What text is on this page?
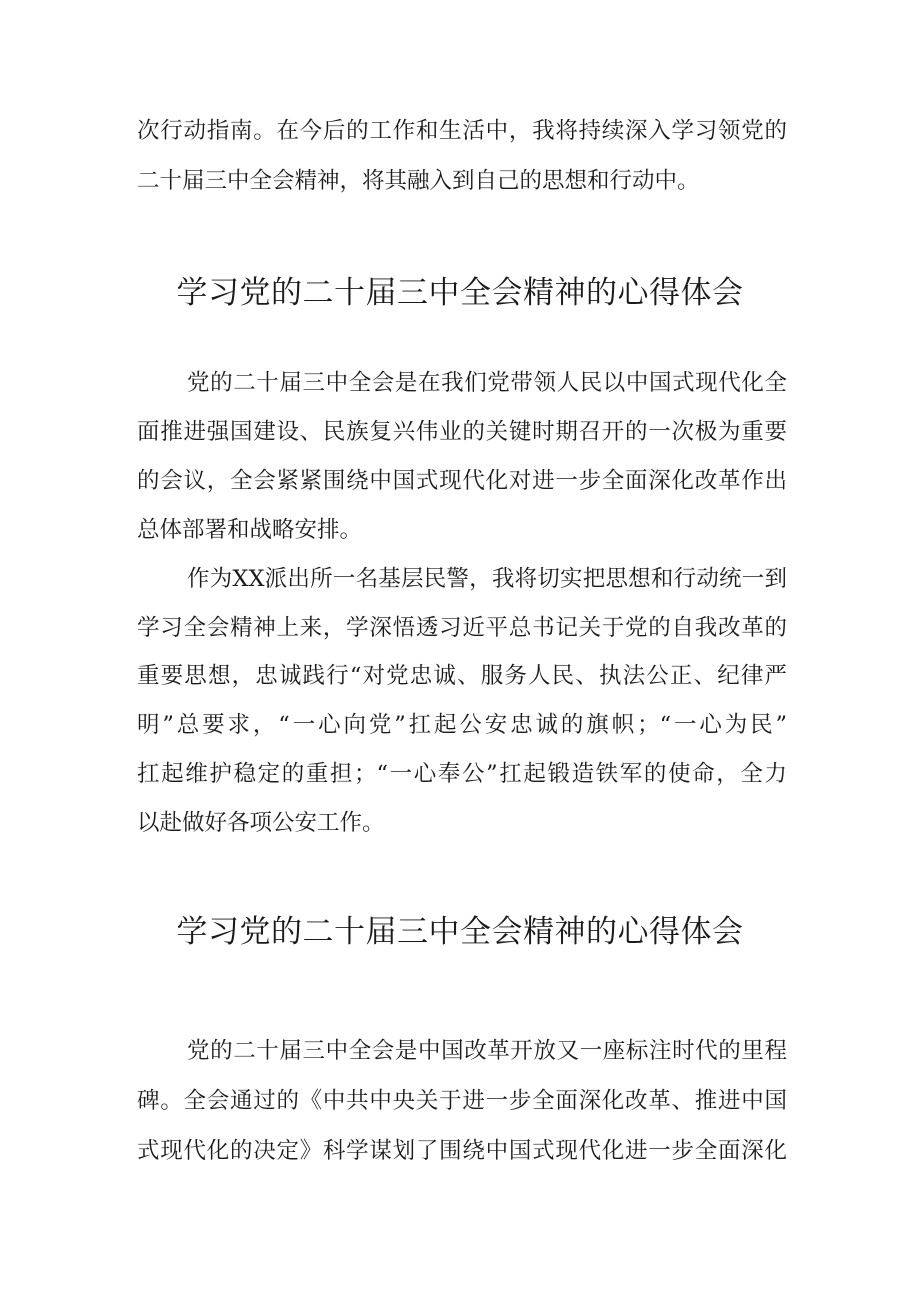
次行动指南。在今后的工作和生活中，我将持续深入学习领党的

二十届三中全会精神，将其融入到自己的思想和行动中。

学习党的二十届三中全会精神的心得体会

党的二十届三中全会是在我们党带领人民以中国式现代化全

面推进强国建设、民族复兴伟业的关键时期召开的一次极为重要

的会议，全会紧紧围绕中国式现代化对进一步全面深化改革作出

总体部署和战略安排。

作为XX派出所一名基层民警，我将切实把思想和行动统一到

学习全会精神上来，学深悟透习近平总书记关于党的自我改革的

重要思想，忠诚践行“对党忠诚、服务人民、执法公正、纪律严

明”总要求，“一心向党”扛起公安忠诚的旗帜；“一心为民”

扛起维护稳定的重担；“一心奉公”扛起锻造铁军的使命，全力

以赴做好各项公安工作。

学习党的二十届三中全会精神的心得体会

党的二十届三中全会是中国改革开放又一座标注时代的里程

碑。全会通过的《中共中央关于进一步全面深化改革、推进中国

式现代化的决定》科学谋划了围绕中国式现代化进一步全面深化
